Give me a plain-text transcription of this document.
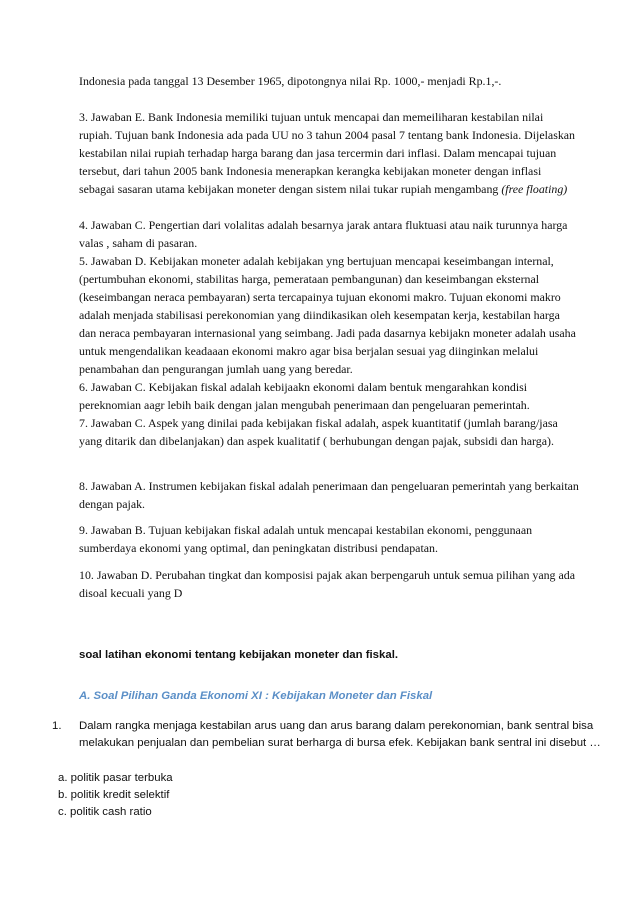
Indonesia pada tanggal 13 Desember 1965, dipotongnya nilai Rp. 1000,- menjadi Rp.1,-.

3. Jawaban E. Bank Indonesia memiliki tujuan untuk mencapai dan memeiliharan kestabilan nilai rupiah. Tujuan bank Indonesia ada pada UU no 3 tahun 2004 pasal 7 tentang bank Indonesia. Dijelaskan kestabilan nilai rupiah terhadap harga barang dan jasa tercermin dari inflasi. Dalam mencapai tujuan tersebut, dari tahun 2005 bank Indonesia menerapkan kerangka kebijakan moneter dengan inflasi sebagai sasaran utama kebijakan moneter dengan sistem nilai tukar rupiah mengambang (free floating)

4. Jawaban C. Pengertian dari volalitas adalah besarnya jarak antara fluktuasi atau naik turunnya harga valas , saham di pasaran.

5. Jawaban D. Kebijakan moneter adalah kebijakan yng bertujuan mencapai keseimbangan internal,(pertumbuhan ekonomi, stabilitas harga, pemerataan pembangunan) dan keseimbangan eksternal (keseimbangan neraca pembayaran) serta tercapainya tujuan ekonomi makro. Tujuan ekonomi makro adalah menjada stabilisasi perekonomian yang diindikasikan oleh kesempatan kerja, kestabilan harga dan neraca pembayaran internasional yang seimbang. Jadi pada dasarnya kebijakn moneter adalah usaha untuk mengendalikan keadaaan ekonomi makro agar bisa berjalan sesuai yag diinginkan melalui penambahan dan pengurangan jumlah uang yang beredar.

6. Jawaban C. Kebijakan fiskal adalah kebijaakn ekonomi dalam bentuk mengarahkan kondisi pereknomian aagr lebih baik dengan jalan mengubah penerimaan dan pengeluaran pemerintah.

7. Jawaban C. Aspek yang dinilai pada kebijakan fiskal adalah, aspek kuantitatif (jumlah barang/jasa yang ditarik dan dibelanjakan) dan aspek kualitatif ( berhubungan dengan pajak, subsidi dan harga).

8. Jawaban A. Instrumen kebijakan fiskal adalah penerimaan dan pengeluaran pemerintah yang berkaitan dengan pajak.

9. Jawaban B. Tujuan kebijakan fiskal adalah untuk mencapai kestabilan ekonomi, penggunaan sumberdaya ekonomi yang optimal, dan peningkatan distribusi pendapatan.

10. Jawaban D. Perubahan tingkat dan komposisi pajak akan berpengaruh untuk semua pilihan yang ada disoal kecuali yang D

soal latihan ekonomi tentang kebijakan moneter dan fiskal.
A. Soal Pilihan Ganda Ekonomi XI : Kebijakan Moneter dan Fiskal
1. Dalam rangka menjaga kestabilan arus uang dan arus barang dalam perekonomian, bank sentral bisa melakukan penjualan dan pembelian surat berharga di bursa efek. Kebijakan bank sentral ini disebut …
a. politik pasar terbuka
b. politik kredit selektif
c. politik cash ratio
